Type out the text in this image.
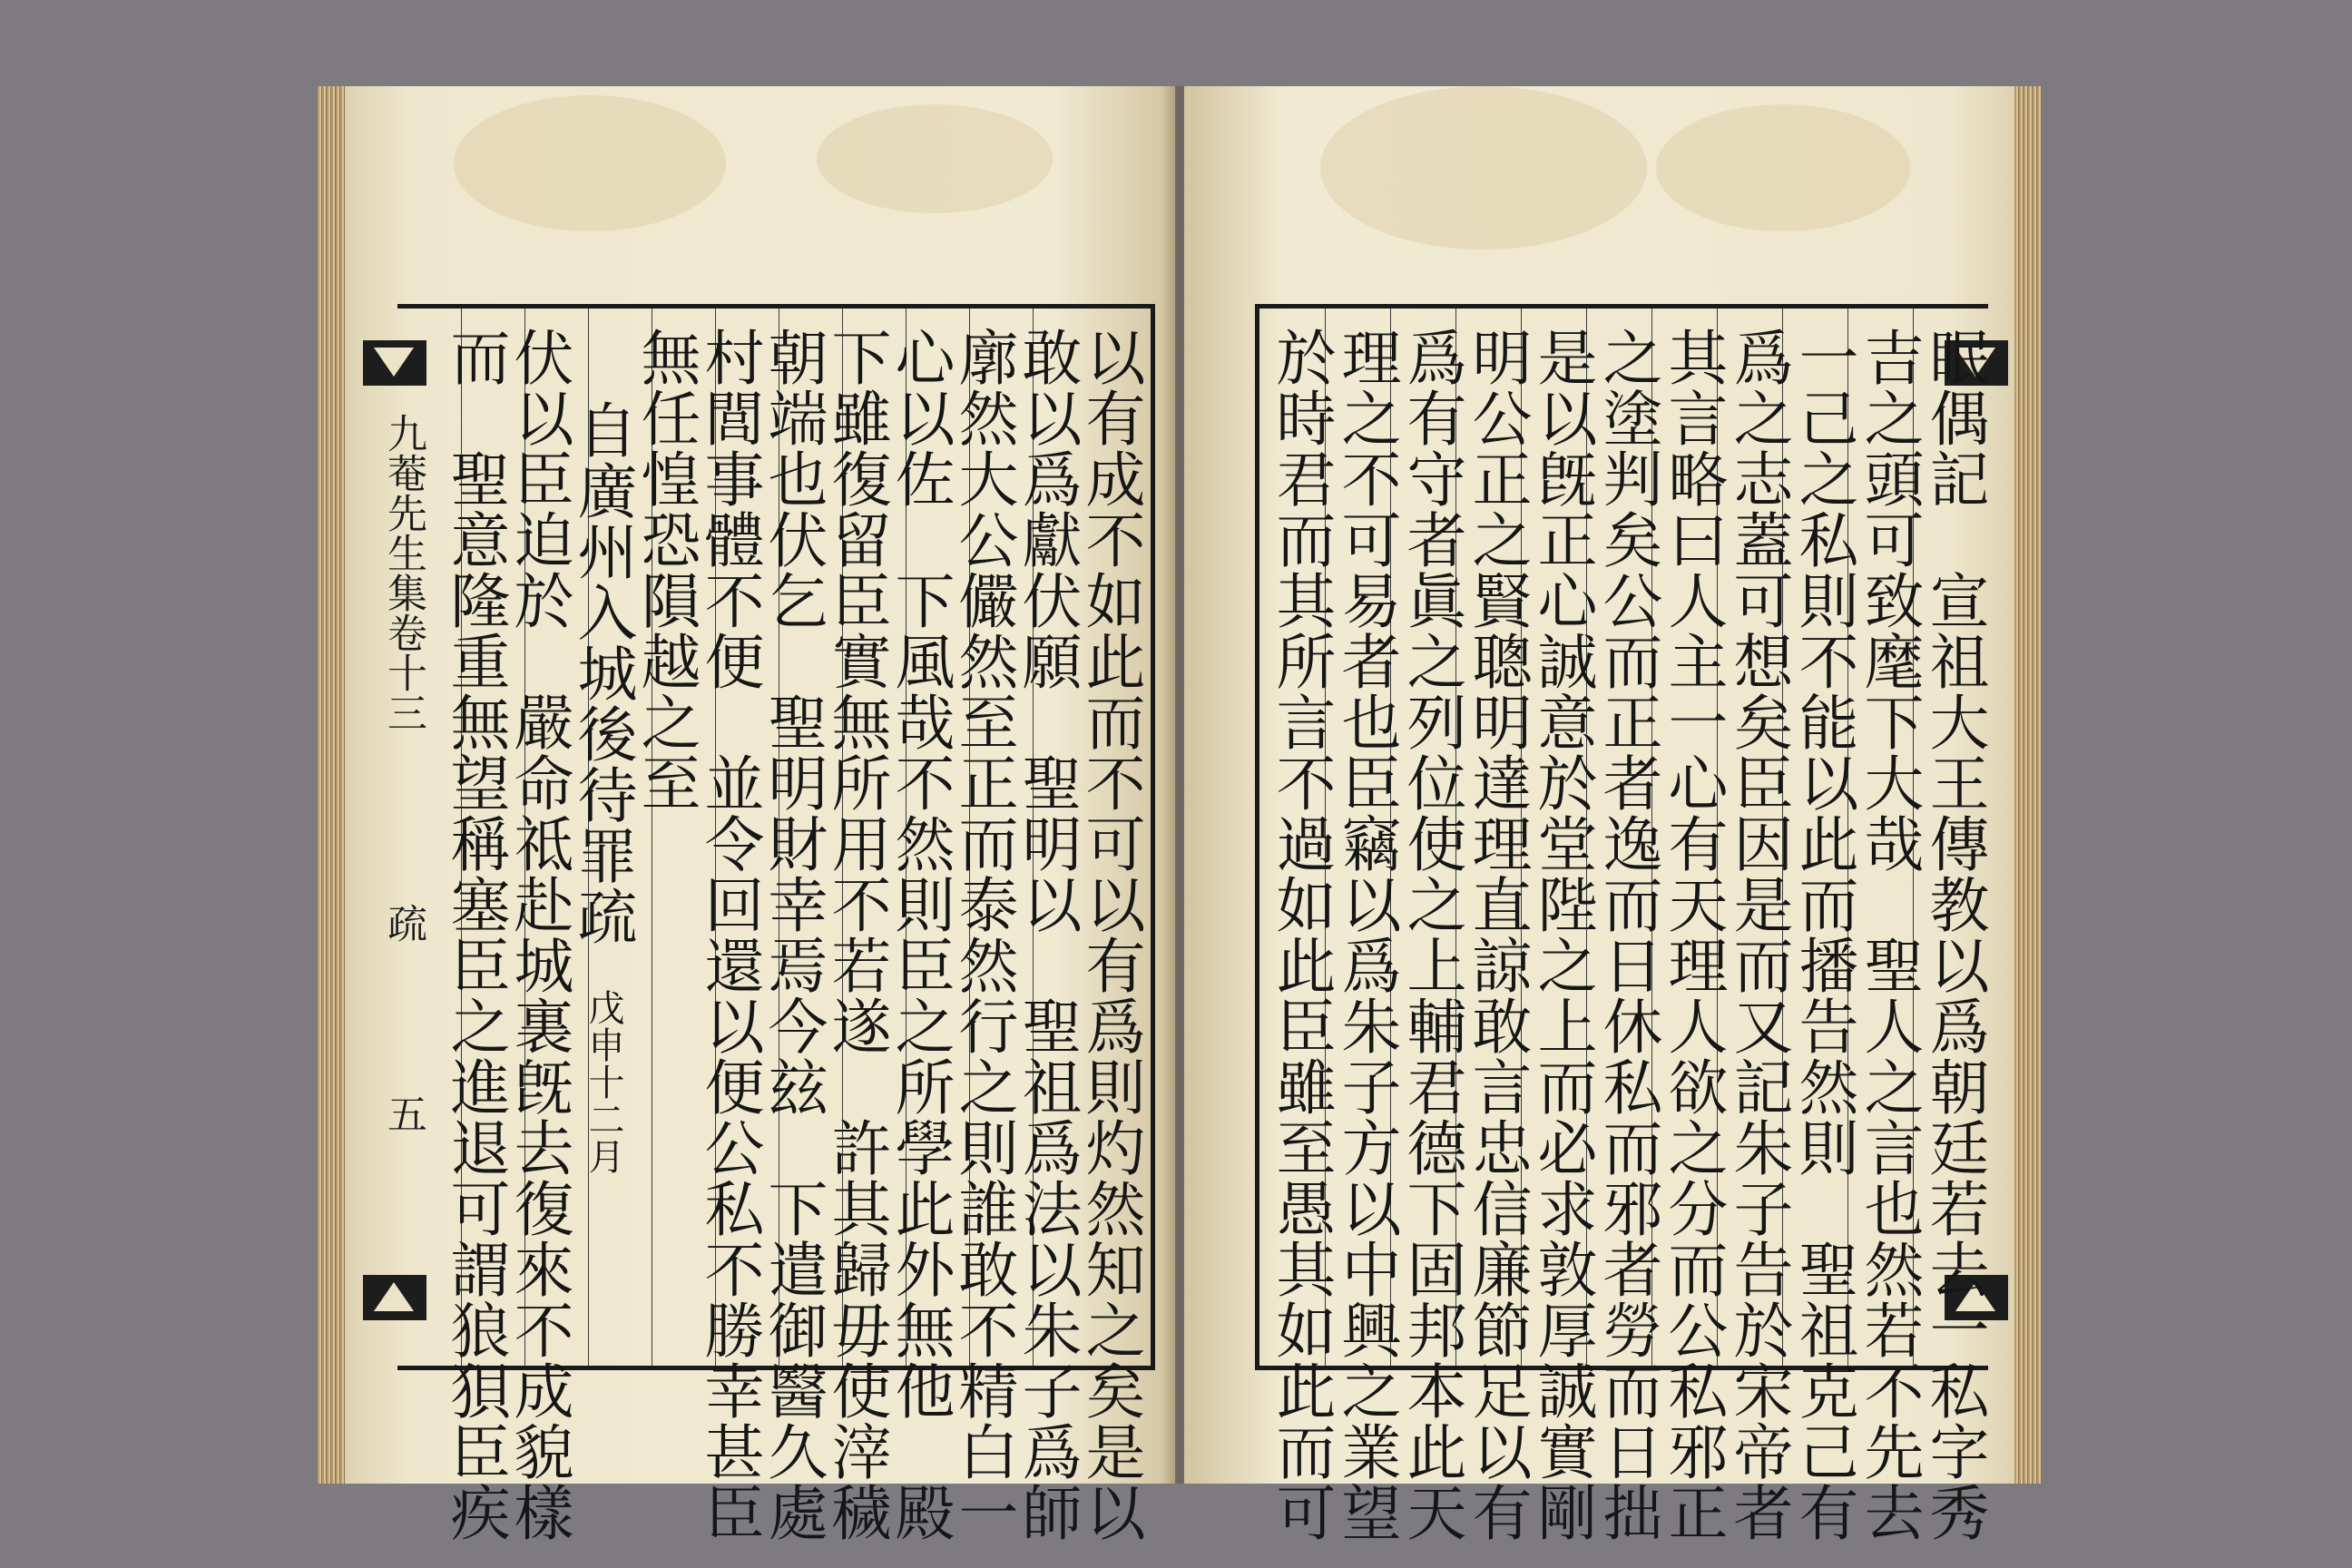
九菴先生集卷十三
疏
五	以有成不如此而不可以有爲則灼然知之矣是以
敢以爲獻伏願　聖明以　聖祖爲法以朱子爲師
廓然大公儼然至正而泰然行之則誰敢不精白一
心以佐　下風哉不然則臣之所學此外無他　殿
下雖復留臣實無所用不若遂　許其歸毋使滓穢
朝端也伏乞　聖明財幸焉今玆　下遣御醫久處
村閭事體不便　並令回還以便公私不勝幸甚臣
無任惶恐隕越之至
自廣州入城後待罪疏
戊申十二月
伏以臣迫於　嚴命祗赴城裏旣去復來不成貌樣
而　聖意隆重無望稱塞臣之進退可謂狼狽臣疾	眠偶記　宣祖大王傳教以爲朝廷若去一私字秀
吉之頭可致麾下大哉　聖人之言也然若不先去
一己之私則不能以此而播告然則　聖祖克己有
爲之志蓋可想矣臣因是而又記朱子告於宋帝者
其言略曰人主一心有天理人欲之分而公私邪正
之塗判矣公而正者逸而日休私而邪者勞而日拙
是以旣正心誠意於堂陛之上而必求敦厚誠實剛
明公正之賢聰明達理直諒敢言忠信廉節足以有
爲有守者眞之列位使之上輔君德下固邦本此天
理之不可易者也臣竊以爲朱子方以中興之業望
於時君而其所言不過如此臣雖至愚其如此而可
